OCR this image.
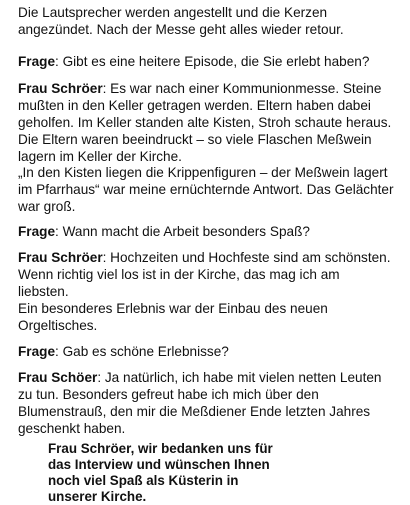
Die Lautsprecher werden angestellt und die Kerzen

angezündet. Nach der Messe geht alles wieder retour.

Frage: Gibt es eine heitere Episode, die Sie erlebt haben?

Frau Schröer: Es war nach einer Kommunionmesse. Steine

mußten in den Keller getragen werden. Eltern haben dabei

geholfen. Im Keller standen alte Kisten, Stroh schaute heraus.

Die Eltern waren beeindruckt – so viele Flaschen Meßwein

lagern im Keller der Kirche.

„In den Kisten liegen die Krippenfiguren – der Meßwein lagert

im Pfarrhaus“ war meine ernüchternde Antwort. Das Gelächter

war groß.

Frage: Wann macht die Arbeit besonders Spaß?

Frau Schröer: Hochzeiten und Hochfeste sind am schönsten.

Wenn richtig viel los ist in der Kirche, das mag ich am

liebsten.

Ein besonderes Erlebnis war der Einbau des neuen

Orgeltisches.

Frage: Gab es schöne Erlebnisse?

Frau Schöer: Ja natürlich, ich habe mit vielen netten Leuten

zu tun. Besonders gefreut habe ich mich über den

Blumenstrauß, den mir die Meßdiener Ende letzten Jahres

geschenkt haben.

Frau Schröer, wir bedanken uns für

das Interview und wünschen Ihnen

noch viel Spaß als Küsterin in

unserer Kirche.
